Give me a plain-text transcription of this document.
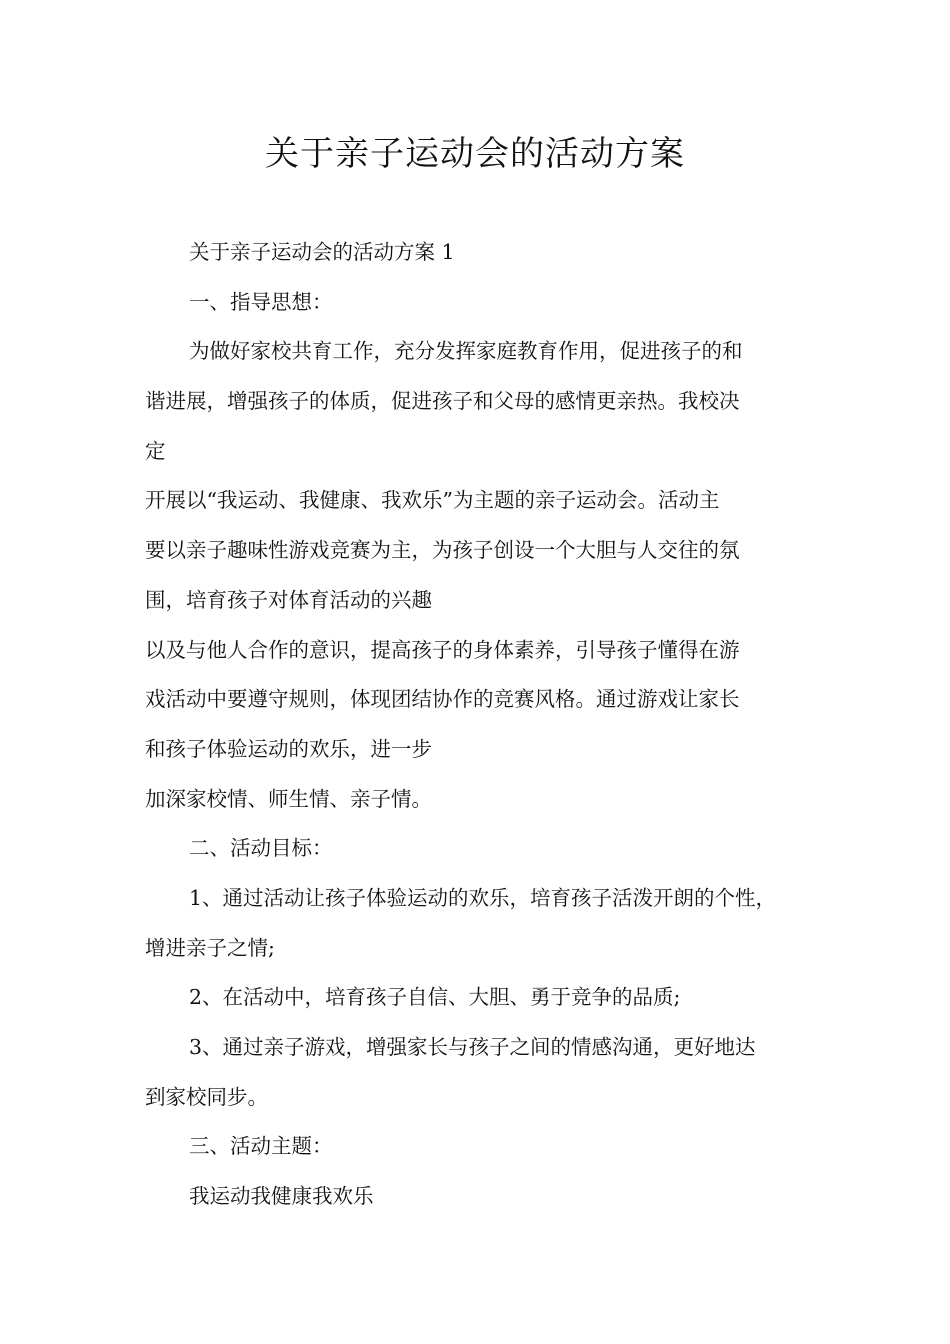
关于亲子运动会的活动方案

关于亲子运动会的活动方案 1

一、指导思想：

为做好家校共育工作，充分发挥家庭教育作用，促进孩子的和

谐进展，增强孩子的体质，促进孩子和父母的感情更亲热。我校决

定

开展以“我运动、我健康、我欢乐”为主题的亲子运动会。活动主

要以亲子趣味性游戏竞赛为主，为孩子创设一个大胆与人交往的氛

围，培育孩子对体育活动的兴趣

以及与他人合作的意识，提高孩子的身体素养，引导孩子懂得在游

戏活动中要遵守规则，体现团结协作的竞赛风格。通过游戏让家长

和孩子体验运动的欢乐，进一步

加深家校情、师生情、亲子情。

二、活动目标：

1、通过活动让孩子体验运动的欢乐，培育孩子活泼开朗的个性，

增进亲子之情;

2、在活动中，培育孩子自信、大胆、勇于竞争的品质;

3、通过亲子游戏，增强家长与孩子之间的情感沟通，更好地达

到家校同步。

三、活动主题：

我运动我健康我欢乐
